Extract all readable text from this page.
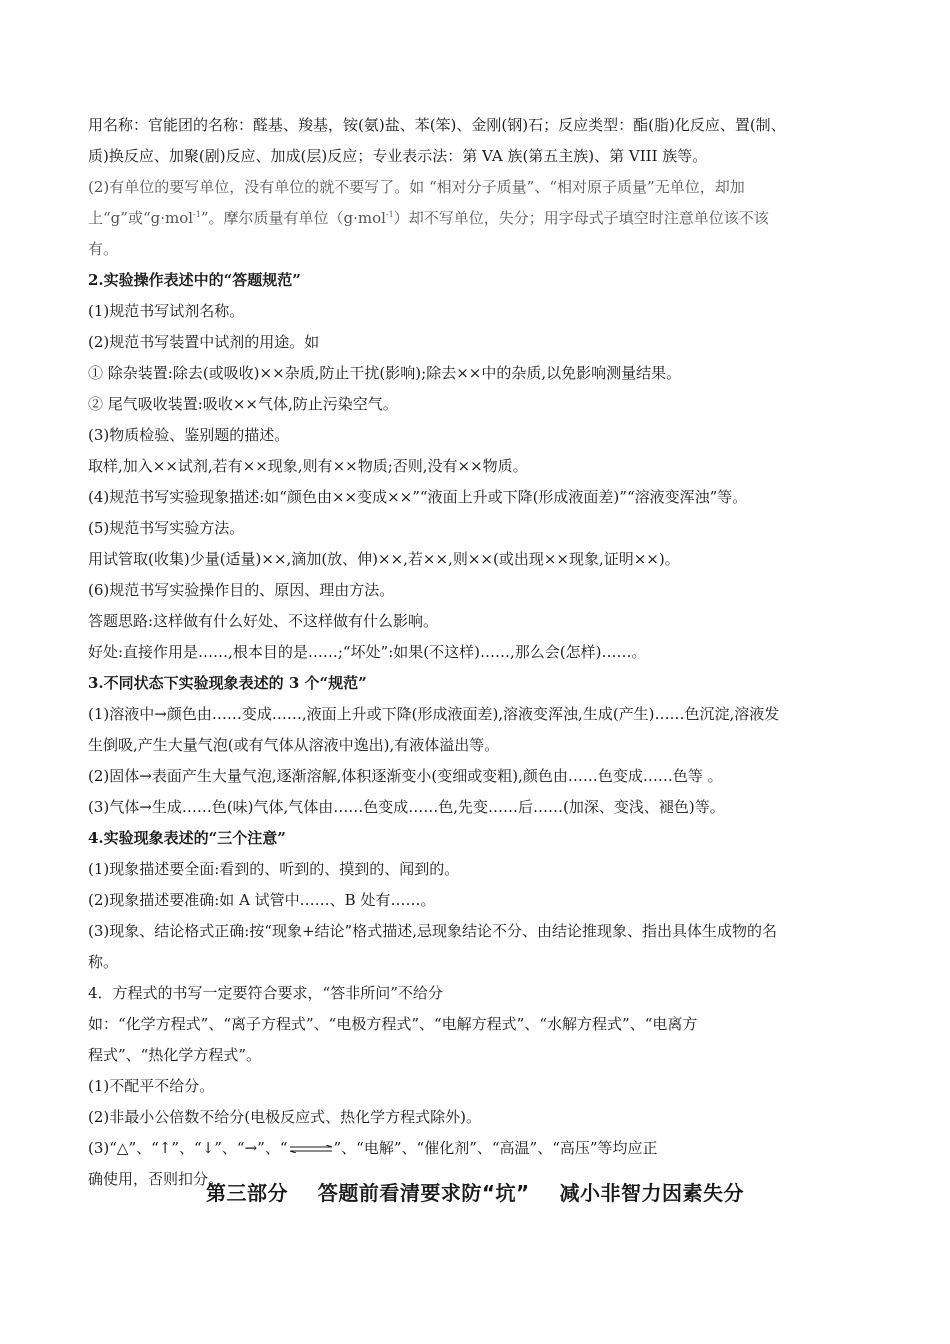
用名称：官能团的名称：醛基、羧基，铵(氨)盐、苯(笨)、金刚(钢)石；反应类型：酯(脂)化反应、置(制、
质)换反应、加聚(剧)反应、加成(层)反应；专业表示法：第 VA 族(第五主族)、第 VIII 族等。
(2)有单位的要写单位，没有单位的就不要写了。如 “相对分子质量”、“相对原子质量”无单位，却加
上“g”或“g·mol$^{-1}$”。摩尔质量有单位（g·mol$^{-1}$）却不写单位，失分；用字母式子填空时注意单位该不该
有。
2.实验操作表述中的“答题规范”
(1)规范书写试剂名称。
(2)规范书写装置中试剂的用途。如
① 除杂装置:除去(或吸收)××杂质,防止干扰(影响);除去××中的杂质,以免影响测量结果。
② 尾气吸收装置:吸收××气体,防止污染空气。
(3)物质检验、鉴别题的描述。
取样,加入××试剂,若有××现象,则有××物质;否则,没有××物质。
(4)规范书写实验现象描述:如“颜色由××变成××”“液面上升或下降(形成液面差)”“溶液变浑浊”等。
(5)规范书写实验方法。
用试管取(收集)少量(适量)××,滴加(放、伸)××,若××,则××(或出现××现象,证明××)。
(6)规范书写实验操作目的、原因、理由方法。
答题思路:这样做有什么好处、不这样做有什么影响。
好处:直接作用是……,根本目的是……;“坏处”:如果(不这样)……,那么会(怎样)……。
3.不同状态下实验现象表述的 3 个“规范”
(1)溶液中→颜色由……变成……,液面上升或下降(形成液面差),溶液变浑浊,生成(产生)……色沉淀,溶液发
生倒吸,产生大量气泡(或有气体从溶液中逸出),有液体溢出等。
(2)固体→表面产生大量气泡,逐渐溶解,体积逐渐变小(变细或变粗),颜色由……色变成……色等 。
(3)气体→生成……色(味)气体,气体由……色变成……色,先变……后……(加深、变浅、褪色)等。
4.实验现象表述的“三个注意”
(1)现象描述要全面:看到的、听到的、摸到的、闻到的。
(2)现象描述要准确:如 A 试管中……、B 处有……。
(3)现象、结论格式正确:按“现象+结论”格式描述,忌现象结论不分、由结论推现象、指出具体生成物的名
称。
4．方程式的书写一定要符合要求，“答非所问”不给分
如：“化学方程式”、“离子方程式”、“电极方程式”、“电解方程式”、“水解方程式”、“电离方
程式”、“热化学方程式”。
(1)不配平不给分。
(2)非最小公倍数不给分(电极反应式、热化学方程式除外)。
(3)“△”、“↑”、“↓”、“→”、“⇌”、“电解”、“催化剂”、“高温”、“高压”等均应正
确使用，否则扣分。
第三部分    答题前看清要求防“坑”    减小非智力因素失分
